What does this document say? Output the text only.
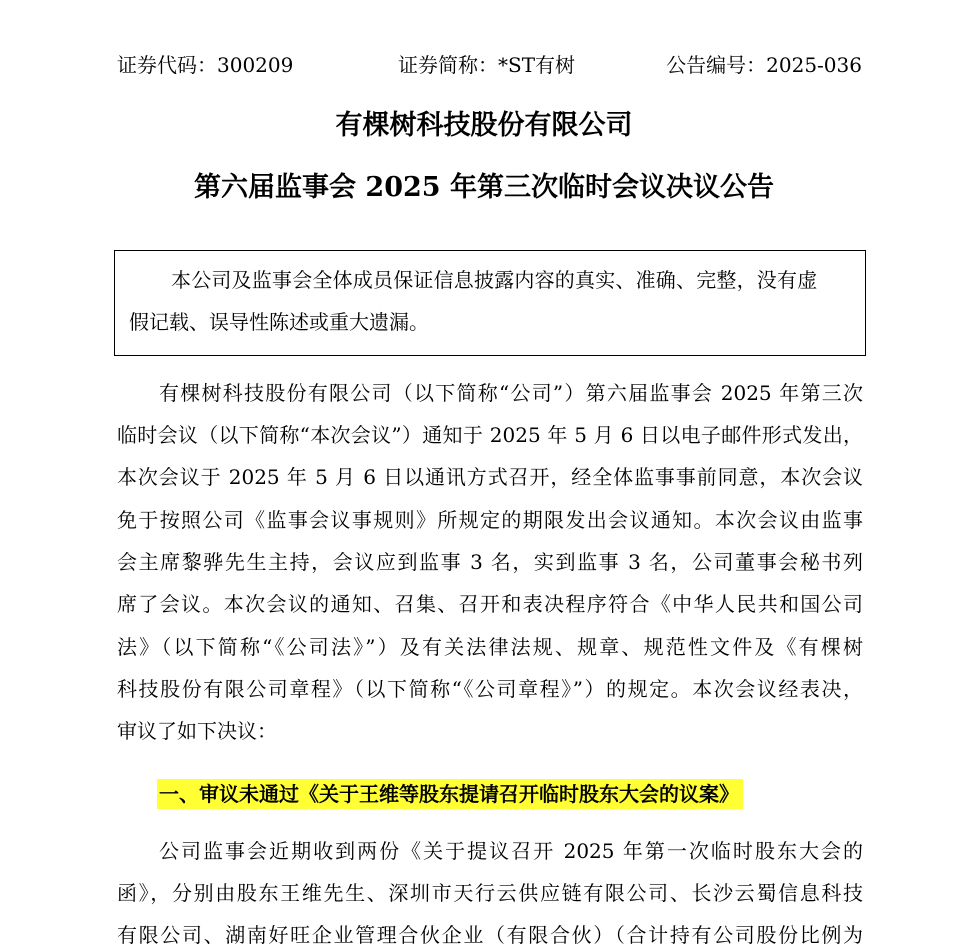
证券代码：300209	证券简称：*ST有树	公告编号：2025-036
有棵树科技股份有限公司
第六届监事会 2025 年第三次临时会议决议公告
本公司及监事会全体成员保证信息披露内容的真实、准确、完整，没有虚
假记载、误导性陈述或重大遗漏。
有棵树科技股份有限公司（以下简称“公司”）第六届监事会 2025 年第三次
临时会议（以下简称“本次会议”）通知于 2025 年 5 月 6 日以电子邮件形式发出，
本次会议于 2025 年 5 月 6 日以通讯方式召开，经全体监事事前同意，本次会议
免于按照公司《监事会议事规则》所规定的期限发出会议通知。本次会议由监事
会主席黎骅先生主持，会议应到监事 3 名，实到监事 3 名，公司董事会秘书列
席了会议。本次会议的通知、召集、召开和表决程序符合《中华人民共和国公司
法》（以下简称“《公司法》”）及有关法律法规、规章、规范性文件及《有棵树
科技股份有限公司章程》（以下简称“《公司章程》”）的规定。本次会议经表决，
审议了如下决议：
一、审议未通过《关于王维等股东提请召开临时股东大会的议案》
公司监事会近期收到两份《关于提议召开 2025 年第一次临时股东大会的
函》，分别由股东王维先生、深圳市天行云供应链有限公司、长沙云蜀信息科技
有限公司、湖南好旺企业管理合伙企业（有限合伙）（合计持有公司股份比例为
